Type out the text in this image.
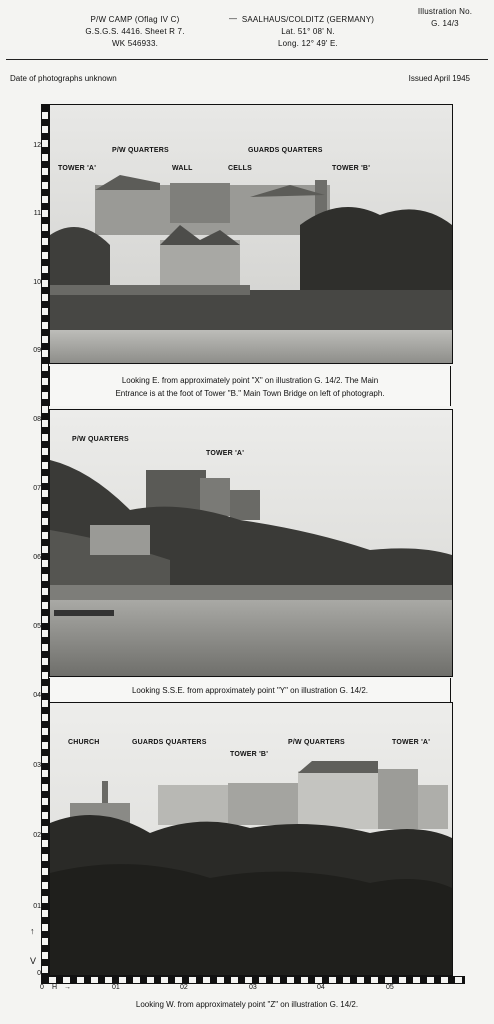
P/W CAMP (Oflag IV C)
G.S.G.S. 4416. Sheet R 7.
WK 546933.
— SAALHAUS/COLDITZ (GERMANY)
Lat. 51° 08' N.
Long. 12° 49' E.
Illustration No.
G. 14/3
Date of photographs unknown	Issued April 1945
12
11
10
09
08
07
06
05
04
03
02
01
0
↑
V
0 H →	01	02	03	04	05
P/W QUARTERS
TOWER 'A'	WALL	CELLS
GUARDS QUARTERS
TOWER 'B'
Looking E. from approximately point "X" on illustration G. 14/2. The Main
Entrance is at the foot of Tower "B." Main Town Bridge on left of photograph.
P/W QUARTERS
TOWER 'A'
Looking S.S.E. from approximately point "Y" on illustration G. 14/2.
CHURCH	GUARDS QUARTERS
TOWER 'B'
P/W QUARTERS	TOWER 'A'
Looking W. from approximately point "Z" on illustration G. 14/2.
